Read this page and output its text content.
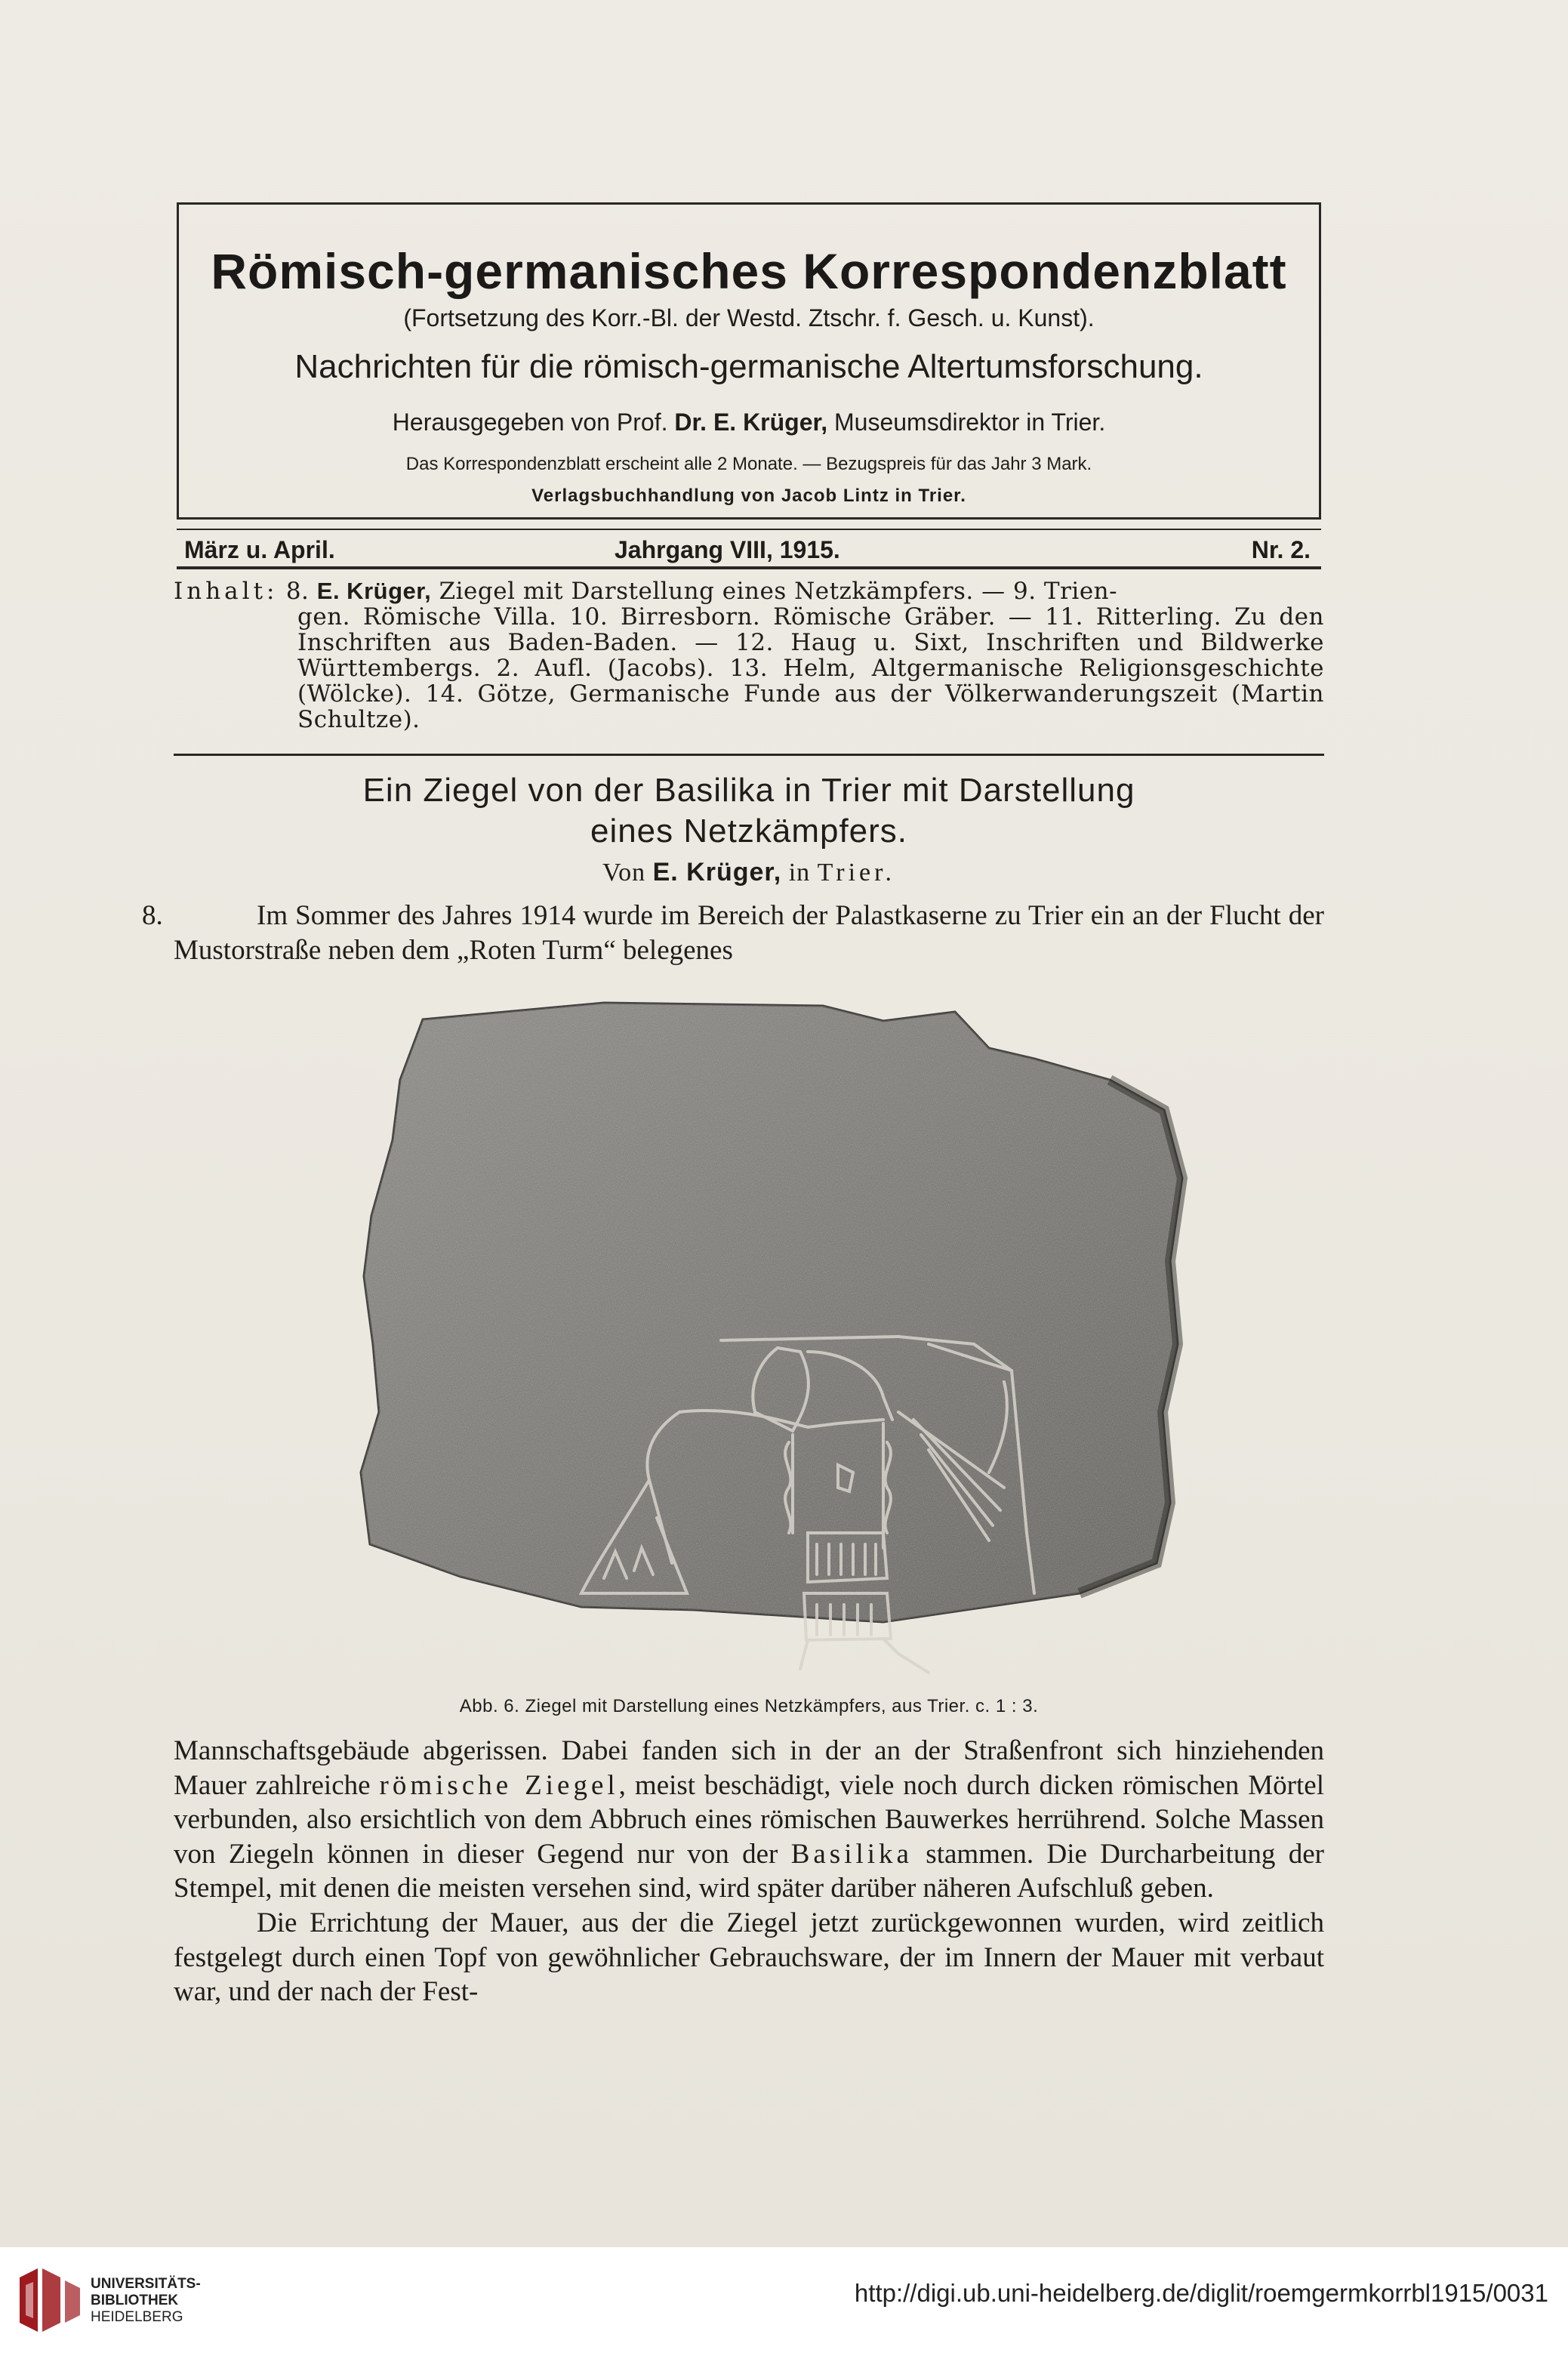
Römisch-germanisches Korrespondenzblatt
(Fortsetzung des Korr.-Bl. der Westd. Ztschr. f. Gesch. u. Kunst).
Nachrichten für die römisch-germanische Altertumsforschung.
Herausgegeben von Prof. Dr. E. Krüger, Museumsdirektor in Trier.
Das Korrespondenzblatt erscheint alle 2 Monate. — Bezugspreis für das Jahr 3 Mark.
Verlagsbuchhandlung von Jacob Lintz in Trier.
März u. April.	Jahrgang VIII, 1915.	Nr. 2.

Inhalt: 8. E. Krüger, Ziegel mit Darstellung eines Netzkämpfers. — 9. Trien-

gen. Römische Villa. 10. Birresborn. Römische Gräber. — 11. Ritterling. Zu den Inschriften aus Baden-Baden. — 12. Haug u. Sixt, Inschriften und Bildwerke Württembergs. 2. Aufl. (Jacobs). 13. Helm, Altgermanische Religionsgeschichte (Wölcke). 14. Götze, Germanische Funde aus der Völkerwanderungszeit (Martin Schultze).

Ein Ziegel von der Basilika in Trier mit Darstellung
eines Netzkämpfers.
Von E. Krüger, in Trier.
8.	Im Sommer des Jahres 1914 wurde im Bereich der Palastkaserne zu Trier ein an der Flucht der Mustorstraße neben dem „Roten Turm“ belegenes

Abb. 6. Ziegel mit Darstellung eines Netzkämpfers, aus Trier. c. 1 : 3.

Mannschaftsgebäude abgerissen. Dabei fanden sich in der an der Straßenfront sich hinziehenden Mauer zahlreiche römische Ziegel, meist beschädigt, viele noch durch dicken römischen Mörtel verbunden, also ersichtlich von dem Abbruch eines römischen Bauwerkes herrührend. Solche Massen von Ziegeln können in dieser Gegend nur von der Basilika stammen. Die Durcharbeitung der Stempel, mit denen die meisten versehen sind, wird später darüber näheren Aufschluß geben.

Die Errichtung der Mauer, aus der die Ziegel jetzt zurückgewonnen wurden, wird zeitlich festgelegt durch einen Topf von gewöhnlicher Gebrauchsware, der im Innern der Mauer mit verbaut war, und der nach der Fest-

UNIVERSITÄTS-
BIBLIOTHEK
HEIDELBERG
http://digi.ub.uni-heidelberg.de/diglit/roemgermkorrbl1915/0031
